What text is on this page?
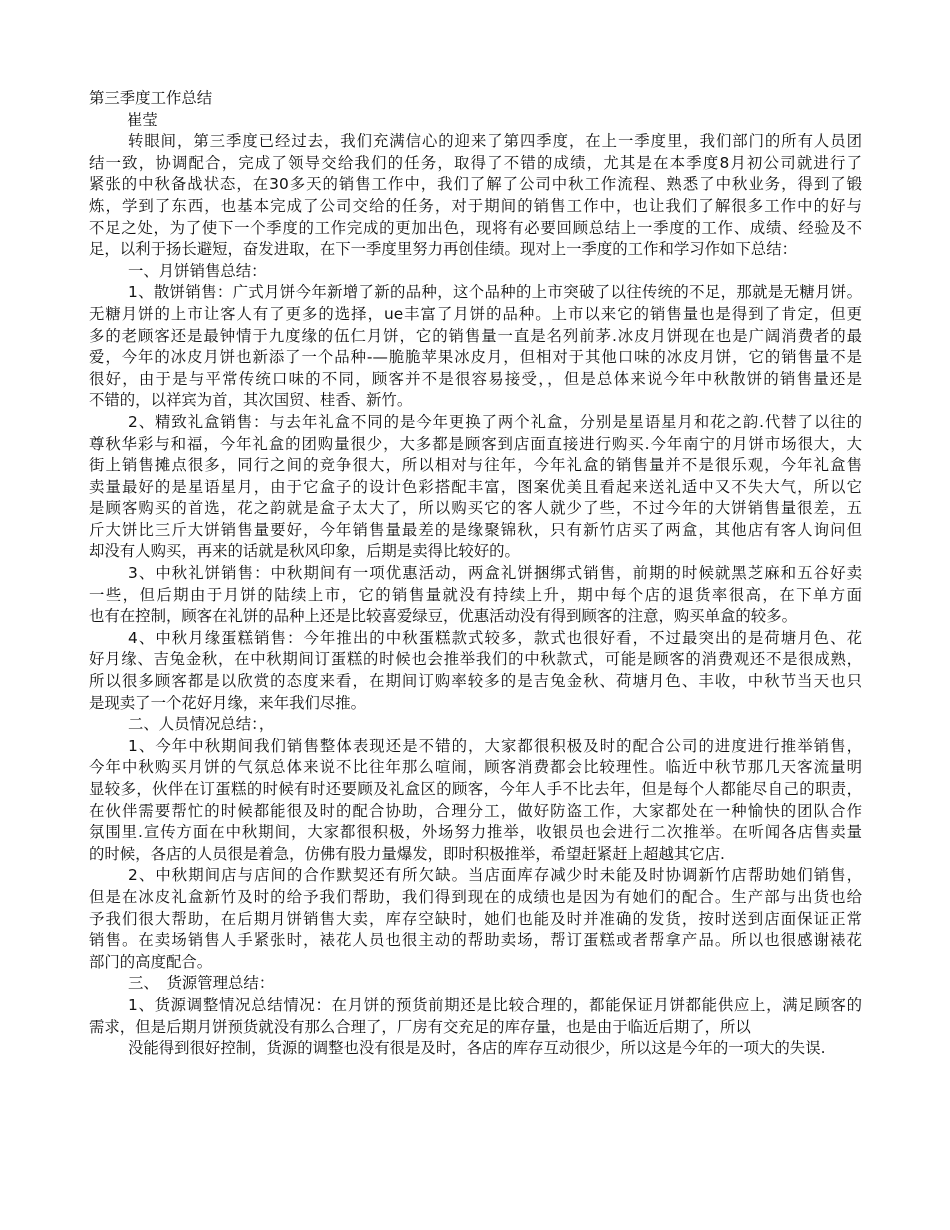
第三季度工作总结
崔莹
转眼间，第三季度已经过去，我们充满信心的迎来了第四季度，在上一季度里，我们部门的所有人员团
结一致，协调配合，完成了领导交给我们的任务，取得了不错的成绩，尤其是在本季度8月初公司就进行了
紧张的中秋备战状态，在30多天的销售工作中，我们了解了公司中秋工作流程、熟悉了中秋业务，得到了锻
炼，学到了东西，也基本完成了公司交给的任务，对于期间的销售工作中，也让我们了解很多工作中的好与
不足之处，为了使下一个季度的工作完成的更加出色，现将有必要回顾总结上一季度的工作、成绩、经验及不
足，以利于扬长避短，奋发进取，在下一季度里努力再创佳绩。现对上一季度的工作和学习作如下总结：
一、月饼销售总结：
1、散饼销售：广式月饼今年新增了新的品种，这个品种的上市突破了以往传统的不足，那就是无糖月饼。
无糖月饼的上市让客人有了更多的选择，ue丰富了月饼的品种。上市以来它的销售量也是得到了肯定，但更
多的老顾客还是最钟情于九度缘的伍仁月饼，它的销售量一直是名列前茅.冰皮月饼现在也是广阔消费者的最
爱，今年的冰皮月饼也新添了一个品种-—脆脆苹果冰皮月，但相对于其他口味的冰皮月饼，它的销售量不是
很好，由于是与平常传统口味的不同，顾客并不是很容易接受，，但是总体来说今年中秋散饼的销售量还是
不错的，以祥宾为首，其次国贸、桂香、新竹。
2、精致礼盒销售：与去年礼盒不同的是今年更换了两个礼盒，分别是星语星月和花之韵.代替了以往的
尊秋华彩与和福，今年礼盒的团购量很少，大多都是顾客到店面直接进行购买.今年南宁的月饼市场很大，大
街上销售摊点很多，同行之间的竞争很大，所以相对与往年，今年礼盒的销售量并不是很乐观，今年礼盒售
卖量最好的是星语星月，由于它盒子的设计色彩搭配丰富，图案优美且看起来送礼适中又不失大气，所以它
是顾客购买的首选，花之韵就是盒子太大了，所以购买它的客人就少了些，不过今年的大饼销售量很差，五
斤大饼比三斤大饼销售量要好，今年销售量最差的是缘聚锦秋，只有新竹店买了两盒，其他店有客人询问但
却没有人购买，再来的话就是秋风印象，后期是卖得比较好的。
3、中秋礼饼销售：中秋期间有一项优惠活动，两盒礼饼捆绑式销售，前期的时候就黑芝麻和五谷好卖
一些，但后期由于月饼的陆续上市，它的销售量就没有持续上升，期中每个店的退货率很高，在下单方面
也有在控制，顾客在礼饼的品种上还是比较喜爱绿豆，优惠活动没有得到顾客的注意，购买单盒的较多。
4、中秋月缘蛋糕销售：今年推出的中秋蛋糕款式较多，款式也很好看，不过最突出的是荷塘月色、花
好月缘、吉兔金秋，在中秋期间订蛋糕的时候也会推举我们的中秋款式，可能是顾客的消费观还不是很成熟，
所以很多顾客都是以欣赏的态度来看，在期间订购率较多的是吉兔金秋、荷塘月色、丰收，中秋节当天也只
是现卖了一个花好月缘，来年我们尽推。
二、人员情况总结：，
1、今年中秋期间我们销售整体表现还是不错的，大家都很积极及时的配合公司的进度进行推举销售，
今年中秋购买月饼的气氛总体来说不比往年那么喧闹，顾客消费都会比较理性。临近中秋节那几天客流量明
显较多，伙伴在订蛋糕的时候有时还要顾及礼盒区的顾客，今年人手不比去年，但是每个人都能尽自己的职责，
在伙伴需要帮忙的时候都能很及时的配合协助，合理分工，做好防盗工作，大家都处在一种愉快的团队合作
氛围里.宣传方面在中秋期间，大家都很积极，外场努力推举，收银员也会进行二次推举。在听闻各店售卖量
的时候，各店的人员很是着急，仿佛有股力量爆发，即时积极推举，希望赶紧赶上超越其它店.
2、中秋期间店与店间的合作默契还有所欠缺。当店面库存减少时未能及时协调新竹店帮助她们销售，
但是在冰皮礼盒新竹及时的给予我们帮助，我们得到现在的成绩也是因为有她们的配合。生产部与出货也给
予我们很大帮助，在后期月饼销售大卖，库存空缺时，她们也能及时并准确的发货，按时送到店面保证正常
销售。在卖场销售人手紧张时，裱花人员也很主动的帮助卖场，帮订蛋糕或者帮拿产品。所以也很感谢裱花
部门的高度配合。
三、　货源管理总结：
1、货源调整情况总结情况：在月饼的预货前期还是比较合理的，都能保证月饼都能供应上，满足顾客的
需求，但是后期月饼预货就没有那么合理了，厂房有交充足的库存量，也是由于临近后期了，所以
没能得到很好控制，货源的调整也没有很是及时，各店的库存互动很少，所以这是今年的一项大的失误.
